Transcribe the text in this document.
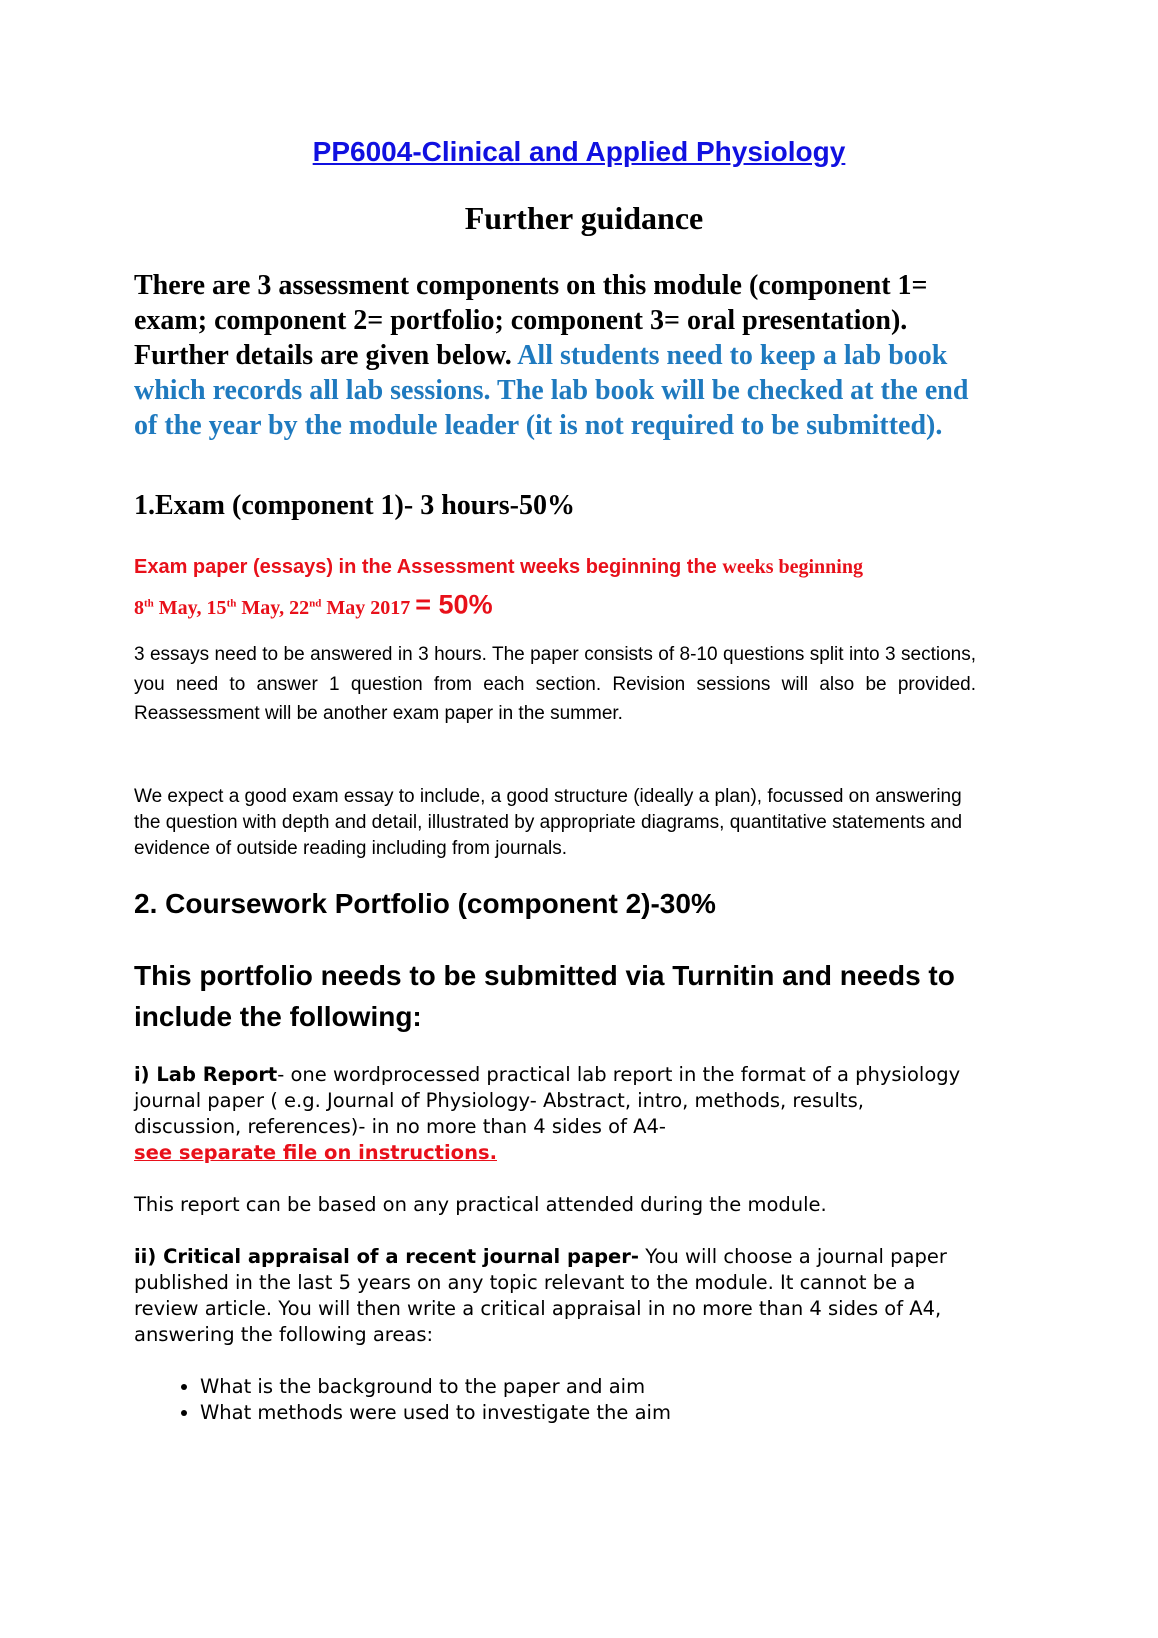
PP6004-Clinical and Applied Physiology
Further guidance
There are 3 assessment components on this module (component 1= exam; component 2= portfolio; component 3= oral presentation). Further details are given below. All students need to keep a lab book which records all lab sessions. The lab book will be checked at the end of the year by the module leader (it is not required to be submitted).
1.Exam (component 1)- 3 hours-50%
Exam paper (essays) in the Assessment weeks beginning the weeks beginning
8th May, 15th May, 22nd May 2017 = 50%
3 essays need to be answered in 3 hours. The paper consists of 8-10 questions split into 3 sections, you need to answer 1 question from each section. Revision sessions will also be provided. Reassessment will be another exam paper in the summer.
We expect a good exam essay to include, a good structure (ideally a plan), focussed on answering the question with depth and detail, illustrated by appropriate diagrams, quantitative statements and evidence of outside reading including from journals.
2. Coursework Portfolio (component 2)-30%
This portfolio needs to be submitted via Turnitin and needs to include the following:
i) Lab Report- one wordprocessed practical lab report in the format of a physiology journal paper ( e.g. Journal of Physiology- Abstract, intro, methods, results, discussion, references)- in no more than 4 sides of A4-
see separate file on instructions.
This report can be based on any practical attended during the module.
ii) Critical appraisal of a recent journal paper- You will choose a journal paper published in the last 5 years on any topic relevant to the module. It cannot be a review article. You will then write a critical appraisal in no more than 4 sides of A4, answering the following areas:
• What is the background to the paper and aim
• What methods were used to investigate the aim
